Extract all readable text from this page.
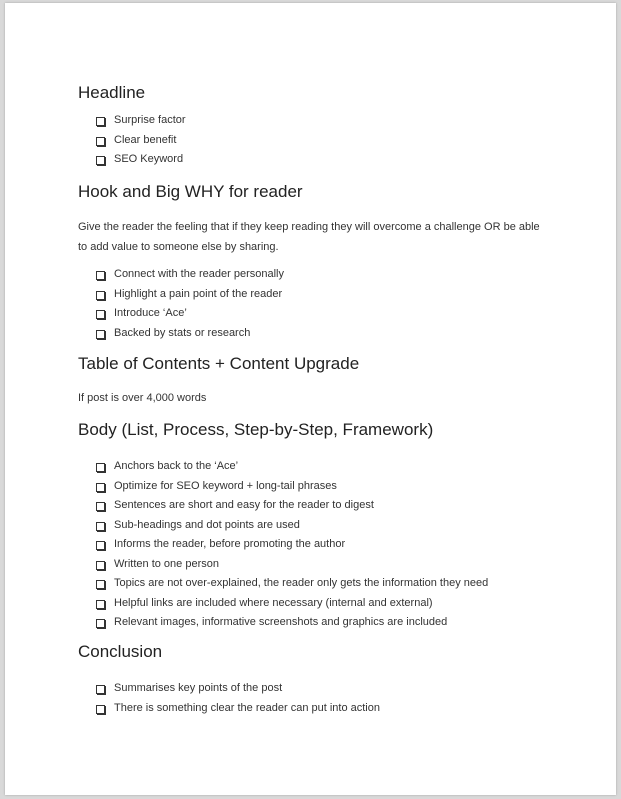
Headline
Surprise factor
Clear benefit
SEO Keyword
Hook and Big WHY for reader

Give the reader the feeling that if they keep reading they will overcome a challenge OR be able

to add value to someone else by sharing.

Connect with the reader personally
Highlight a pain point of the reader
Introduce ‘Ace’
Backed by stats or research
Table of Contents + Content Upgrade

If post is over 4,000 words

Body (List, Process, Step-by-Step, Framework)
Anchors back to the ‘Ace’
Optimize for SEO keyword + long-tail phrases
Sentences are short and easy for the reader to digest
Sub-headings and dot points are used
Informs the reader, before promoting the author
Written to one person
Topics are not over-explained, the reader only gets the information they need
Helpful links are included where necessary (internal and external)
Relevant images, informative screenshots and graphics are included
Conclusion
Summarises key points of the post
There is something clear the reader can put into action
